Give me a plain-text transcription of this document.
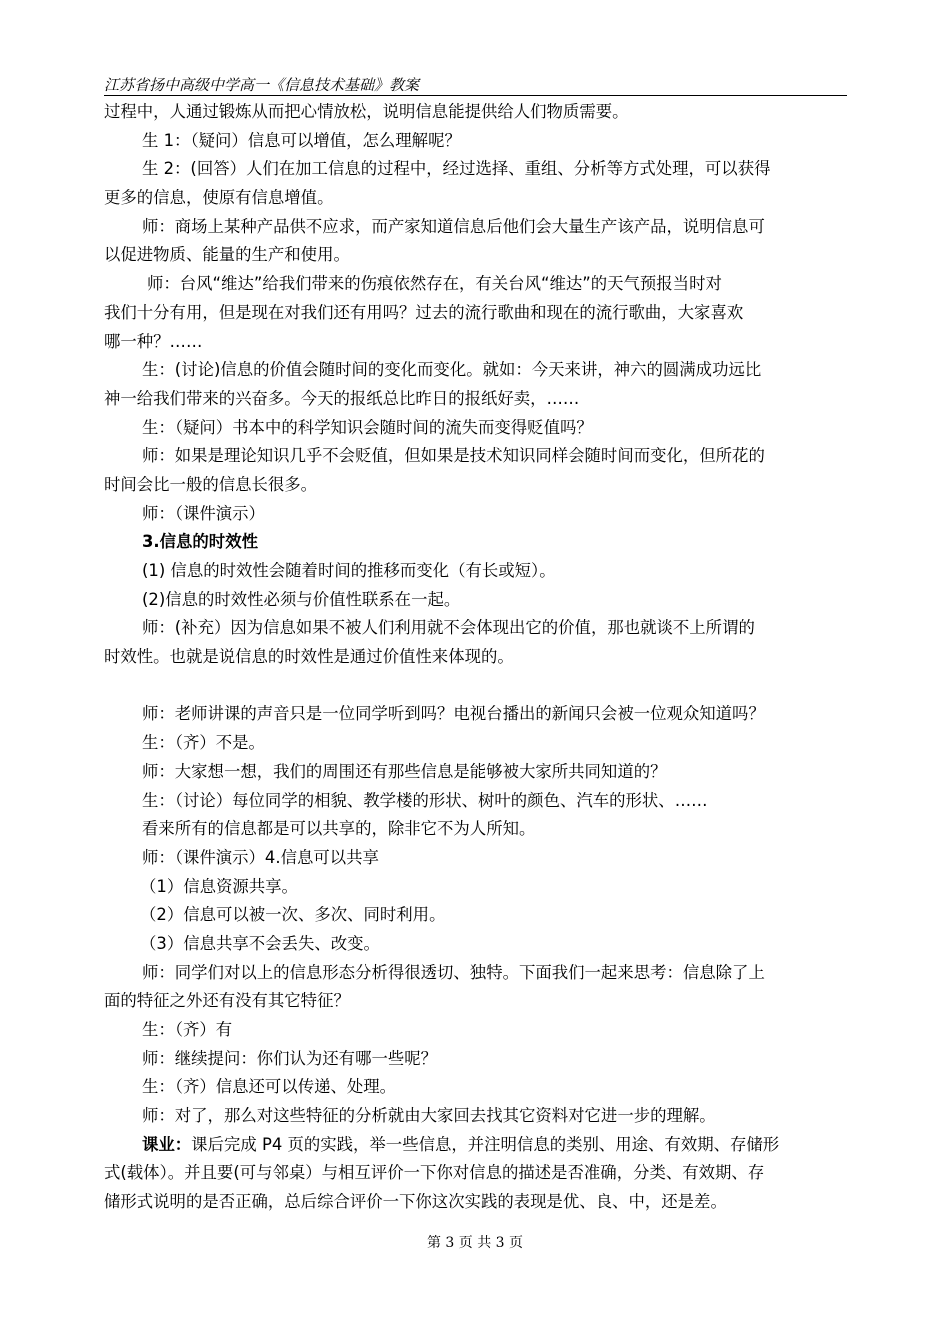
江苏省扬中高级中学高一《信息技术基础》教案
过程中，人通过锻炼从而把心情放松，说明信息能提供给人们物质需要。
生 1：（疑问）信息可以增值，怎么理解呢？
生 2：(回答）人们在加工信息的过程中，经过选择、重组、分析等方式处理，可以获得
更多的信息，使原有信息增值。
师：商场上某种产品供不应求，而产家知道信息后他们会大量生产该产品，说明信息可
以促进物质、能量的生产和使用。
师：台风“维达”给我们带来的伤痕依然存在，有关台风“维达”的天气预报当时对
我们十分有用，但是现在对我们还有用吗？过去的流行歌曲和现在的流行歌曲，大家喜欢
哪一种？……
生：(讨论)信息的价值会随时间的变化而变化。就如：今天来讲，神六的圆满成功远比
神一给我们带来的兴奋多。今天的报纸总比昨日的报纸好卖，……
生：（疑问）书本中的科学知识会随时间的流失而变得贬值吗？
师：如果是理论知识几乎不会贬值，但如果是技术知识同样会随时间而变化，但所花的
时间会比一般的信息长很多。
师：（课件演示）
3.信息的时效性
(1) 信息的时效性会随着时间的推移而变化（有长或短）。
(2)信息的时效性必须与价值性联系在一起。
师：(补充）因为信息如果不被人们利用就不会体现出它的价值，那也就谈不上所谓的
时效性。也就是说信息的时效性是通过价值性来体现的。
师：老师讲课的声音只是一位同学听到吗？电视台播出的新闻只会被一位观众知道吗？
生：（齐）不是。
师：大家想一想，我们的周围还有那些信息是能够被大家所共同知道的？
生：（讨论）每位同学的相貌、教学楼的形状、树叶的颜色、汽车的形状、……
看来所有的信息都是可以共享的，除非它不为人所知。
师：（课件演示）4.信息可以共享
（1）信息资源共享。
（2）信息可以被一次、多次、同时利用。
（3）信息共享不会丢失、改变。
师：同学们对以上的信息形态分析得很透切、独特。下面我们一起来思考：信息除了上
面的特征之外还有没有其它特征？
生：（齐）有
师：继续提问：你们认为还有哪一些呢？
生：（齐）信息还可以传递、处理。
师：对了，那么对这些特征的分析就由大家回去找其它资料对它进一步的理解。
课业：课后完成 P4 页的实践，举一些信息，并注明信息的类别、用途、有效期、存储形
式(载体）。并且要(可与邻桌）与相互评价一下你对信息的描述是否准确，分类、有效期、存
储形式说明的是否正确，总后综合评价一下你这次实践的表现是优、良、中，还是差。
第 3 页 共 3 页
